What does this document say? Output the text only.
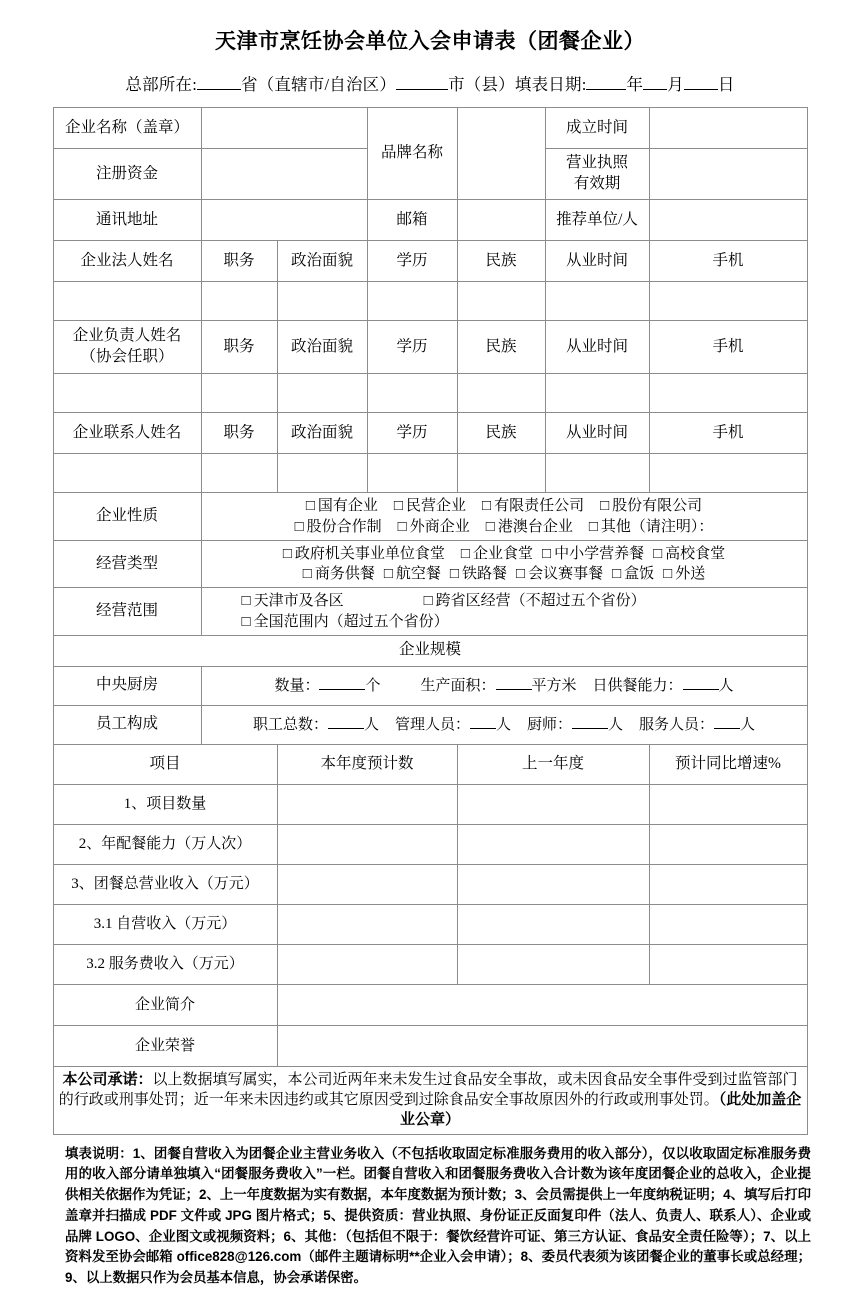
天津市烹饪协会单位入会申请表（团餐企业）
总部所在:	省（直辖市/自治区）	市（县）填表日期: 年 月 日
企业名称（盖章）			品牌名称		成立时间	
注册资金					营业执照
有效期	
通讯地址			邮箱		推荐单位/人	
企业法人姓名	职务	政治面貌	学历	民族	从业时间	手机

企业负责人姓名
（协会任职）	职务	政治面貌	学历	民族	从业时间	手机

企业联系人姓名	职务	政治面貌	学历	民族	从业时间	手机

企业性质	□ 国有企业 □ 民营企业 □ 有限责任公司 □ 股份有限公司
□ 股份合作制 □ 外商企业 □ 港澳台企业 □ 其他（请注明）：					

经营类型	□ 政府机关事业单位食堂 □ 企业食堂 □ 中小学营养餐 □ 高校食堂
□ 商务供餐 □ 航空餐 □ 铁路餐 □ 会议赛事餐 □ 盒饭 □ 外送					

经营范围	□ 天津市及各区 □ 跨省区经营（不超过五个省份）
□ 全国范围内（超过五个省份）					

企业规模						
中央厨房	数量： 个 生产面积： 平方米 日供餐能力： 人					
员工构成	职工总数： 人 管理人员： 人 厨师： 人 服务人员： 人					
项目		本年度预计数		上一年度		预计同比增速%
1、项目数量						
2、年配餐能力（万人次）						
3、团餐总营业收入（万元）						
3.1 自营收入（万元）						
3.2 服务费收入（万元）						
企业简介						
企业荣誉						
本公司承诺：以上数据填写属实，本公司近两年来未发生过食品安全事故，或未因食品安全事件受到过监管部门的行政或刑事处罚；近一年来未因违约或其它原因受到过除食品安全事故原因外的行政或刑事处罚。（此处加盖企业公章）						
填表说明：1、团餐自营收入为团餐企业主营业务收入（不包括收取固定标准服务费用的收入部分），仅以收取固定标准服务费用的收入部分请单独填入“团餐服务费收入”一栏。团餐自营收入和团餐服务费收入合计数为该年度团餐企业的总收入，企业提供相关依据作为凭证；2、上一年度数据为实有数据，本年度数据为预计数；3、会员需提供上一年度纳税证明；4、填写后打印盖章并扫描成 PDF 文件或 JPG 图片格式；5、提供资质：营业执照、身份证正反面复印件（法人、负责人、联系人）、企业或品牌 LOGO、企业图文或视频资料；6、其他：（包括但不限于：餐饮经营许可证、第三方认证、食品安全责任险等）；7、以上资料发至协会邮箱 office828@126.com（邮件主题请标明**企业入会申请）；8、委员代表须为该团餐企业的董事长或总经理；9、以上数据只作为会员基本信息，协会承诺保密。
